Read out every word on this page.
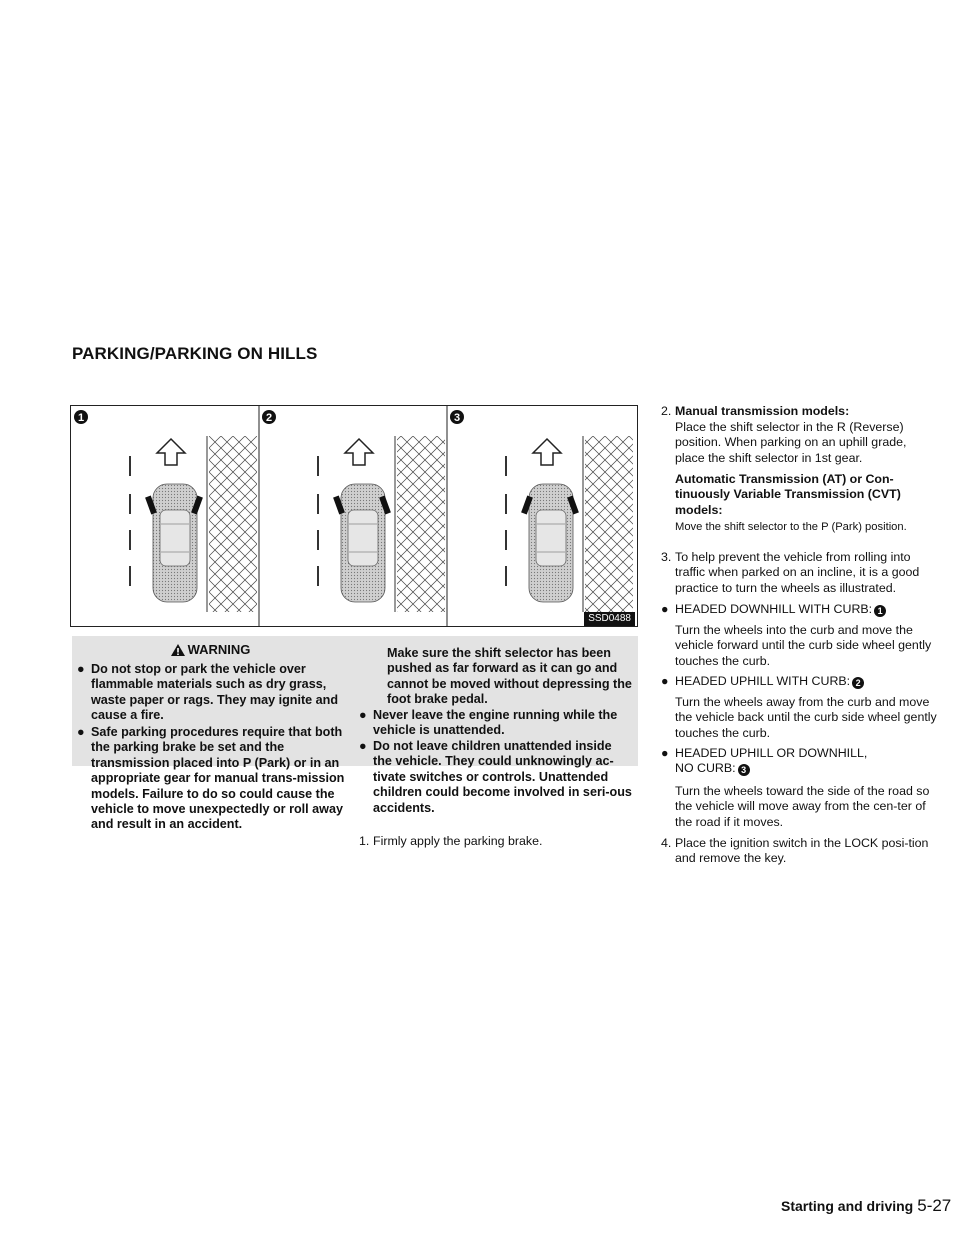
PARKING/PARKING ON HILLS
1	2	3
SSD0488
WARNING
● Do not stop or park the vehicle over flammable materials such as dry grass, waste paper or rags. They may ignite and cause a fire.
● Safe parking procedures require that both the parking brake be set and the transmission placed into P (Park) or in an appropriate gear for manual trans-mission models. Failure to do so could cause the vehicle to move unexpectedly or roll away and result in an accident.
Make sure the shift selector has been pushed as far forward as it can go and cannot be moved without depressing the foot brake pedal.
● Never leave the engine running while the vehicle is unattended.
● Do not leave children unattended inside the vehicle. They could unknowingly ac-tivate switches or controls. Unattended children could become involved in seri-ous accidents.
1. Firmly apply the parking brake.
2. Manual transmission models:
Place the shift selector in the R (Reverse) position. When parking on an uphill grade, place the shift selector in 1st gear.
Automatic Transmission (AT) or Con-tinuously Variable Transmission (CVT) models:
Move the shift selector to the P (Park) position.
3. To help prevent the vehicle from rolling into traffic when parked on an incline, it is a good practice to turn the wheels as illustrated.
● HEADED DOWNHILL WITH CURB: 1
Turn the wheels into the curb and move the vehicle forward until the curb side wheel gently touches the curb.
● HEADED UPHILL WITH CURB: 2
Turn the wheels away from the curb and move the vehicle back until the curb side wheel gently touches the curb.
● HEADED UPHILL OR DOWNHILL, NO CURB: 3
Turn the wheels toward the side of the road so the vehicle will move away from the cen-ter of the road if it moves.
4. Place the ignition switch in the LOCK posi-tion and remove the key.
Starting and driving 5-27
